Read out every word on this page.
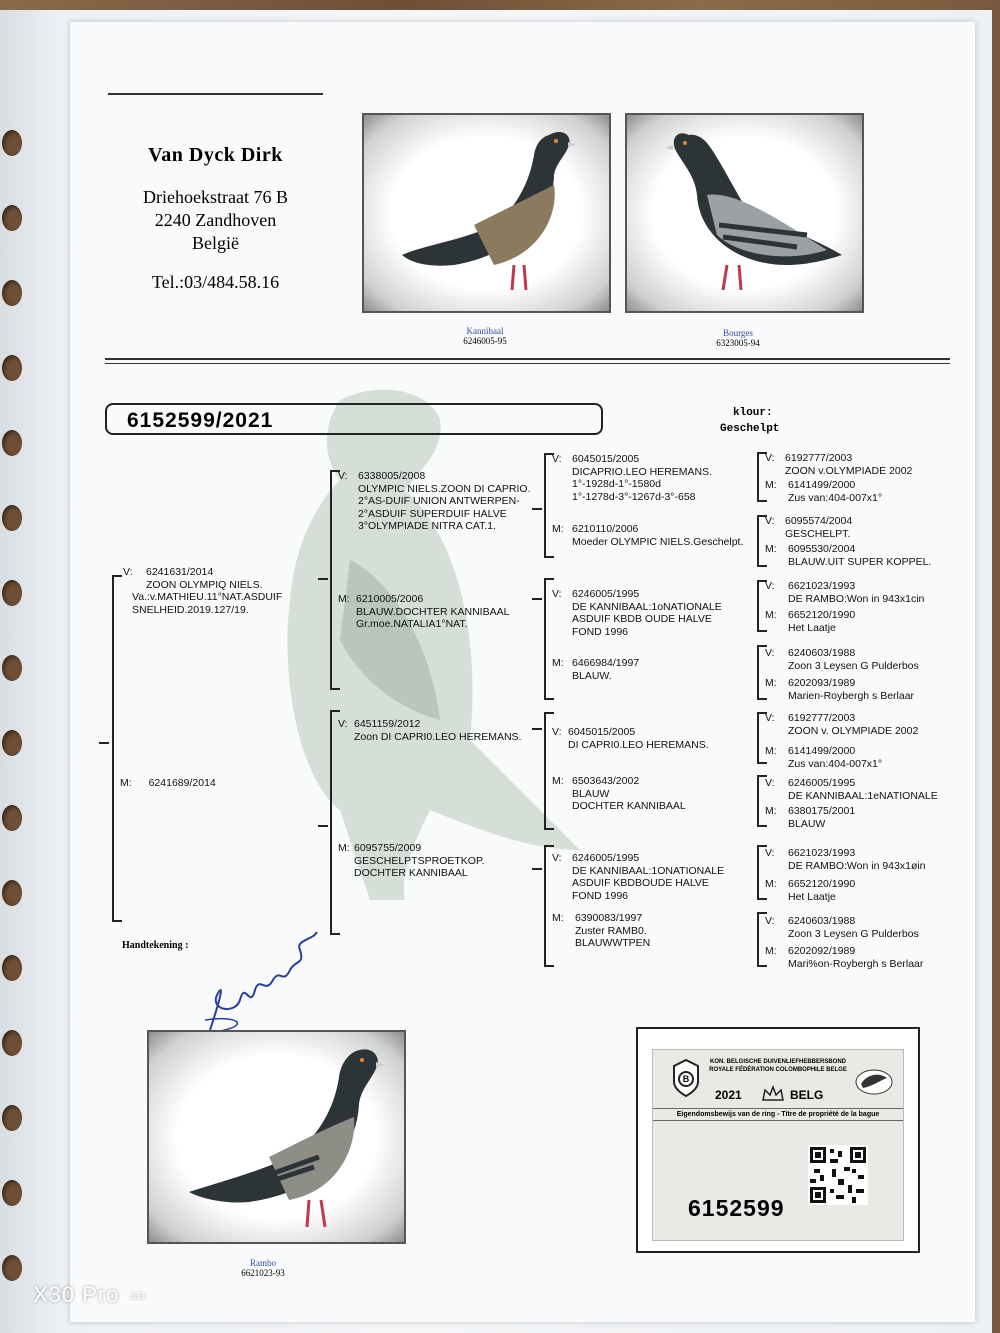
Van Dyck Dirk
Driehoekstraat 76 B
2240 Zandhoven
België
Tel.:03/484.58.16
Kannibaal
6246005-95
Bourges
6323005-94
6152599/2021	klour:
Geschelpt
V: 6241631/2014
ZOON OLYMPIQ NIELS.
Va.:v.MATHIEU.11°NAT.ASDUIF
SNELHEID.2019.127/19.
M: 6241689/2014
V: 6338005/2008
OLYMPIC NIELS.ZOON DI CAPRIO.
2°AS-DUIF UNION ANTWERPEN-
2°ASDUIF SUPERDUIF HALVE
3°OLYMPIADE NITRA CAT.1.
M: 6210005/2006
BLAUW.DOCHTER KANNIBAAL
Gr.moe.NATALIA1°NAT.
V: 6451159/2012
Zoon DI CAPRI0.LEO HEREMANS.
M: 6095755/2009
GESCHELPTSPROETKOP.
DOCHTER KANNIBAAL
V: 6045015/2005
DICAPRIO.LEO HEREMANS.
1°-1928d-1°-1580d
1°-1278d-3°-1267d-3°-658
M: 6210110/2006
Moeder OLYMPIC NIELS.Geschelpt.
V: 6246005/1995
DE KANNIBAAL:1oNATIONALE
ASDUIF KBDB OUDE HALVE
FOND 1996
M: 6466984/1997
BLAUW.
V: 6045015/2005
DI CAPRI0.LEO HEREMANS.
M: 6503643/2002
BLAUW
DOCHTER KANNIBAAL
V: 6246005/1995
DE KANNIBAAL:1ONATIONALE
ASDUIF KBDBOUDE HALVE
FOND 1996
M: 6390083/1997
Zuster RAMB0.
BLAUWWTPEN
V: 6192777/2003
ZOON v.OLYMPIADE 2002
M: 6141499/2000
Zus van:404-007x1°
V: 6095574/2004
GESCHELPT.
M: 6095530/2004
BLAUW.UIT SUPER KOPPEL.
V: 6621023/1993
DE RAMBO:Won in 943x1cin
M: 6652120/1990
Het Laatje
V: 6240603/1988
Zoon 3 Leysen G Pulderbos
M: 6202093/1989
Marien-Roybergh s Berlaar
V: 6192777/2003
ZOON v. OLYMPIADE 2002
M: 6141499/2000
Zus van:404-007x1°
V: 6246005/1995
DE KANNIBAAL:1eNATIONALE
M: 6380175/2001
BLAUW
V: 6621023/1993
DE RAMBO:Won in 943x1øin
M: 6652120/1990
Het Laatje
V: 6240603/1988
Zoon 3 Leysen G Pulderbos
M: 6202092/1989
Mari%on-Roybergh s Berlaar
Handtekening :
Rambo
6621023-93
KON. BELGISCHE DUIVENLIEFHEBBERSBOND
ROYALE FÉDÉRATION COLOMBOPHILE BELGE
B
2021	BELG
Eigendomsbewijs van de ring - Titre de propriété de la bague
6152599
X30 Pro 5G
